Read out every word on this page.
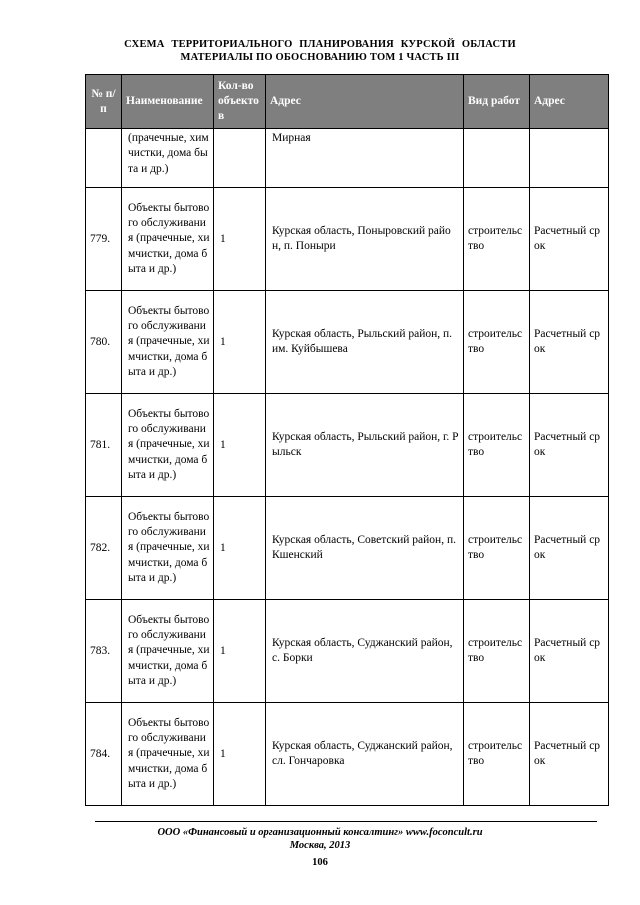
СХЕМА ТЕРРИТОРИАЛЬНОГО ПЛАНИРОВАНИЯ КУРСКОЙ ОБЛАСТИ
МАТЕРИАЛЫ ПО ОБОСНОВАНИЮ ТОМ 1 ЧАСТЬ III
№ п/п	Наименование	Кол-во объектов	Адрес	Вид работ	Адрес
	(прачечные, химчистки, дома быта и др.)		Мирная		
779.	Объекты бытового обслуживания (прачечные, химчистки, дома быта и др.)	1	Курская область, Поныровский район, п. Поныри	строительство	Расчетный срок
780.	Объекты бытового обслуживания (прачечные, химчистки, дома быта и др.)	1	Курская область, Рыльский район, п. им. Куйбышева	строительство	Расчетный срок
781.	Объекты бытового обслуживания (прачечные, химчистки, дома быта и др.)	1	Курская область, Рыльский район, г. Рыльск	строительство	Расчетный срок
782.	Объекты бытового обслуживания (прачечные, химчистки, дома быта и др.)	1	Курская область, Советский район, п. Кшенский	строительство	Расчетный срок
783.	Объекты бытового обслуживания (прачечные, химчистки, дома быта и др.)	1	Курская область, Суджанский район, с. Борки	строительство	Расчетный срок
784.	Объекты бытового обслуживания (прачечные, химчистки, дома быта и др.)	1	Курская область, Суджанский район, сл. Гончаровка	строительство	Расчетный срок
ООО «Финансовый и организационный консалтинг» www.foconcult.ru
Москва, 2013
106
